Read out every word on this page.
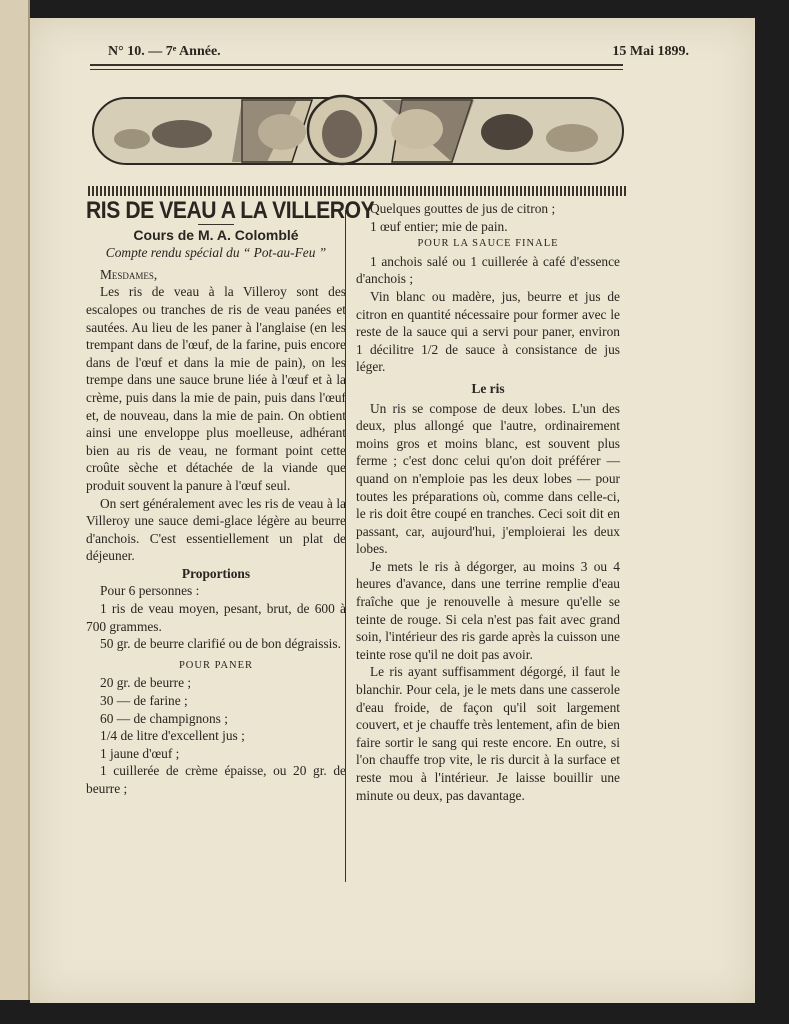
N° 10. — 7ᵉ Année.	15 Mai 1899.
RIS DE VEAU A LA VILLEROY
Cours de M. A. Colomblé
Compte rendu spécial du “ Pot-au-Feu ”

Mesdames,

Les ris de veau à la Villeroy sont des escalopes ou tranches de ris de veau panées et sautées. Au lieu de les paner à l'anglaise (en les trempant dans de l'œuf, de la farine, puis encore dans de l'œuf et dans la mie de pain), on les trempe dans une sauce brune liée à l'œuf et à la crème, puis dans la mie de pain, puis dans l'œuf et, de nouveau, dans la mie de pain. On obtient ainsi une enveloppe plus moelleuse, adhérant bien au ris de veau, ne formant point cette croûte sèche et détachée de la viande que produit souvent la panure à l'œuf seul.

On sert généralement avec les ris de veau à la Villeroy une sauce demi-glace légère au beurre d'anchois. C'est essentiellement un plat de déjeuner.

Proportions

Pour 6 personnes :

1 ris de veau moyen, pesant, brut, de 600 à 700 grammes.

50 gr. de beurre clarifié ou de bon dégraissis.

POUR PANER

20 gr. de beurre ;

30 — de farine ;

60 — de champignons ;

1/4 de litre d'excellent jus ;

1 jaune d'œuf ;

1 cuillerée de crème épaisse, ou 20 gr. de beurre ;

Quelques gouttes de jus de citron ;

1 œuf entier; mie de pain.

POUR LA SAUCE FINALE

1 anchois salé ou 1 cuillerée à café d'essence d'anchois ;

Vin blanc ou madère, jus, beurre et jus de citron en quantité nécessaire pour former avec le reste de la sauce qui a servi pour paner, environ 1 décilitre 1/2 de sauce à consistance de jus léger.

Le ris

Un ris se compose de deux lobes. L'un des deux, plus allongé que l'autre, ordinairement moins gros et moins blanc, est souvent plus ferme ; c'est donc celui qu'on doit préférer — quand on n'emploie pas les deux lobes — pour toutes les préparations où, comme dans celle-ci, le ris doit être coupé en tranches. Ceci soit dit en passant, car, aujourd'hui, j'emploierai les deux lobes.

Je mets le ris à dégorger, au moins 3 ou 4 heures d'avance, dans une terrine remplie d'eau fraîche que je renouvelle à mesure qu'elle se teinte de rouge. Si cela n'est pas fait avec grand soin, l'intérieur des ris garde après la cuisson une teinte rose qu'il ne doit pas avoir.

Le ris ayant suffisamment dégorgé, il faut le blanchir. Pour cela, je le mets dans une casserole d'eau froide, de façon qu'il soit largement couvert, et je chauffe très lentement, afin de bien faire sortir le sang qui reste encore. En outre, si l'on chauffe trop vite, le ris durcit à la surface et reste mou à l'intérieur. Je laisse bouillir une minute ou deux, pas davantage.
